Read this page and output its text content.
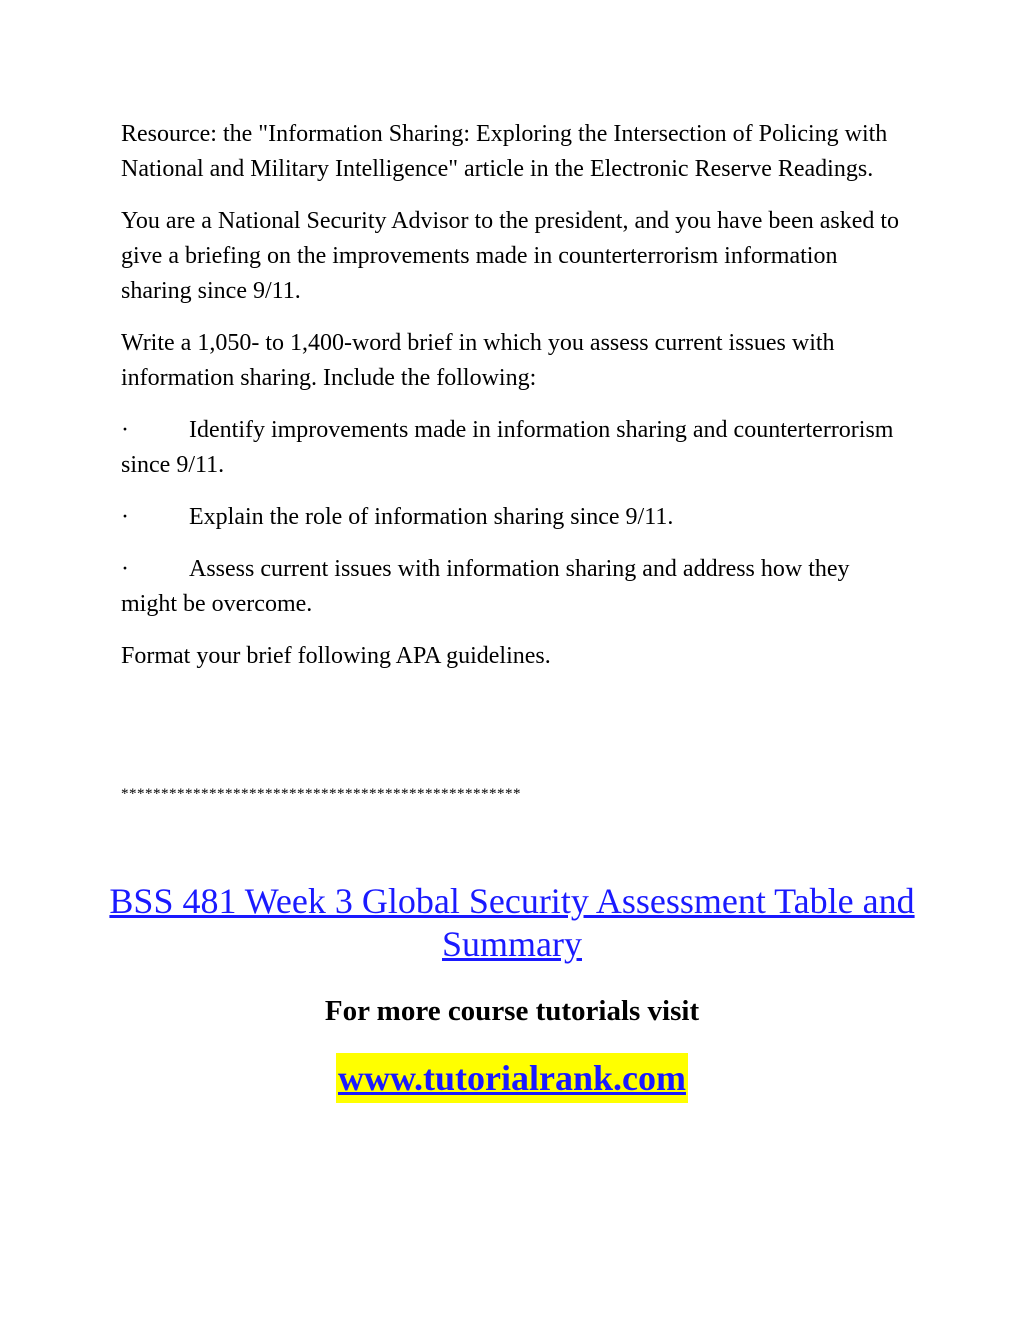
Resource: the "Information Sharing: Exploring the Intersection of Policing with National and Military Intelligence" article in the Electronic Reserve Readings.

You are a National Security Advisor to the president, and you have been asked to give a briefing on the improvements made in counterterrorism information sharing since 9/11.

Write a 1,050- to 1,400-word brief in which you assess current issues with information sharing. Include the following:

·	Identify improvements made in information sharing and counterterrorism since 9/11.

·	Explain the role of information sharing since 9/11.

·	Assess current issues with information sharing and address how they might be overcome.

Format your brief following APA guidelines.

**************************************************
BSS 481 Week 3 Global Security Assessment Table and Summary
For more course tutorials visit
www.tutorialrank.com
